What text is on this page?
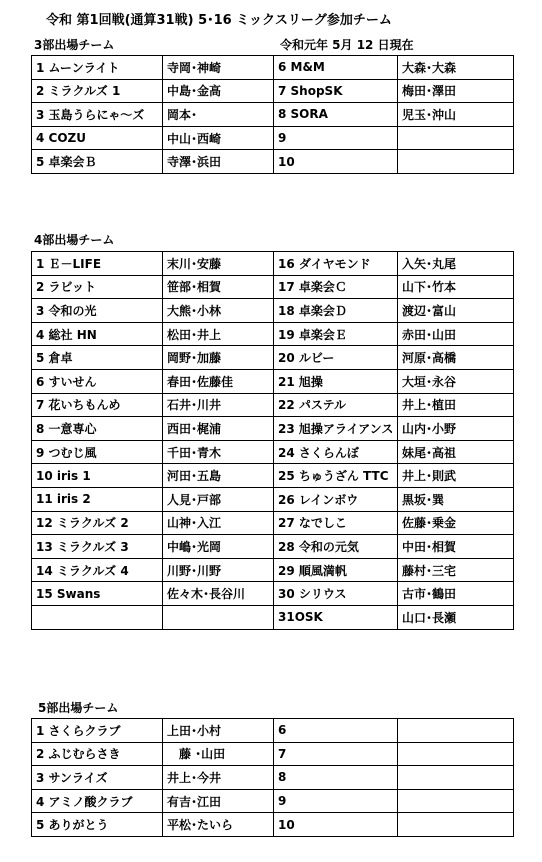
令和 第1回戦(通算31戦) 5･16 ミックスリーグ参加チーム
3部出場チーム	令和元年 5月 12 日現在
1 ムーンライト	寺岡･神崎	6 M&M	大森･大森
2 ミラクルズ 1	中島･金高	7 ShopSK	梅田･澤田
3 玉島うらにゃ～ズ	岡本･	8 SORA	児玉･沖山
4 COZU	中山･西崎	9	
5 卓楽会Ｂ	寺澤･浜田	10	
4部出場チーム
1 Ｅ－LIFE	末川･安藤	16 ダイヤモンド	入矢･丸尾
2 ラビット	笹部･相賀	17 卓楽会Ｃ	山下･竹本
3 令和の光	大熊･小林	18 卓楽会Ｄ	渡辺･富山
4 総社 HN	松田･井上	19 卓楽会Ｅ	赤田･山田
5 倉卓	岡野･加藤	20 ルビー	河原･高橋
6 すいせん	春田･佐藤佳	21 旭操	大垣･永谷
7 花いちもんめ	石井･川井	22 パステル	井上･植田
8 一意専心	西田･梶浦	23 旭操アライアンス	山内･小野
9 つむじ風	千田･青木	24 さくらんぼ	妹尾･高祖
10 iris 1	河田･五島	25 ちゅうざん TTC	井上･則武
11 iris 2	人見･戸部	26 レインボウ	黒坂･巽
12 ミラクルズ 2	山神･入江	27 なでしこ	佐藤･乗金
13 ミラクルズ 3	中嶋･光岡	28 令和の元気	中田･相賀
14 ミラクルズ 4	川野･川野	29 順風満帆	藤村･三宅
15 Swans	佐々木･長谷川	30 シリウス	古市･鶴田
		31OSK	山口･長瀬
5部出場チーム
1 さくらクラブ	上田･小村	6	
2 ふじむらさき	　藤 ･山田	7	
3 サンライズ	井上･今井	8	
4 アミノ酸クラブ	有吉･江田	9	
5 ありがとう	平松･たいら	10	
